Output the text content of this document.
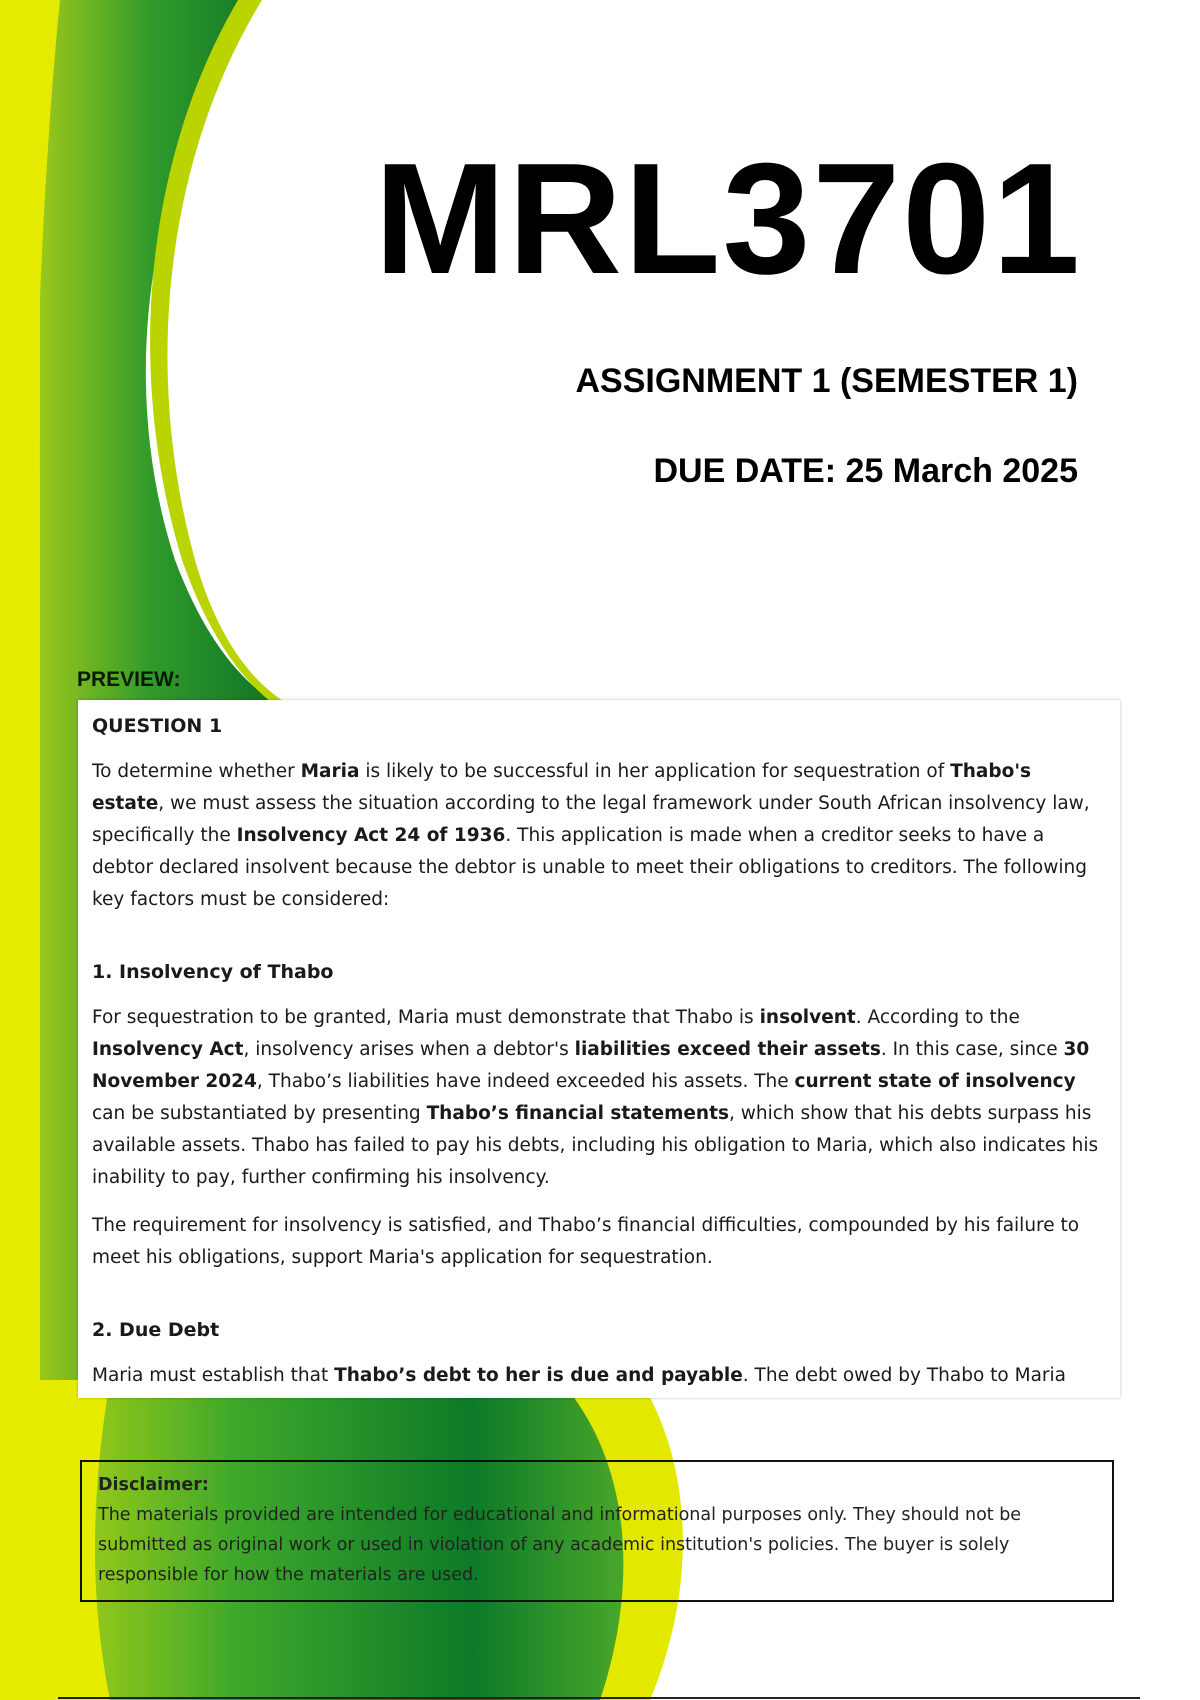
MRL3701
ASSIGNMENT 1 (SEMESTER 1)
DUE DATE: 25 March 2025
PREVIEW:
QUESTION 1

To determine whether Maria is likely to be successful in her application for sequestration of Thabo's estate, we must assess the situation according to the legal framework under South African insolvency law, specifically the Insolvency Act 24 of 1936. This application is made when a creditor seeks to have a debtor declared insolvent because the debtor is unable to meet their obligations to creditors. The following key factors must be considered:

1. Insolvency of Thabo

For sequestration to be granted, Maria must demonstrate that Thabo is insolvent. According to the Insolvency Act, insolvency arises when a debtor's liabilities exceed their assets. In this case, since 30 November 2024, Thabo’s liabilities have indeed exceeded his assets. The current state of insolvency can be substantiated by presenting Thabo’s financial statements, which show that his debts surpass his available assets. Thabo has failed to pay his debts, including his obligation to Maria, which also indicates his inability to pay, further confirming his insolvency.

The requirement for insolvency is satisfied, and Thabo’s financial difficulties, compounded by his failure to meet his obligations, support Maria's application for sequestration.

2. Due Debt

Maria must establish that Thabo’s debt to her is due and payable. The debt owed by Thabo to Maria

Disclaimer:
The materials provided are intended for educational and informational purposes only. They should not be submitted as original work or used in violation of any academic institution's policies. The buyer is solely responsible for how the materials are used.
